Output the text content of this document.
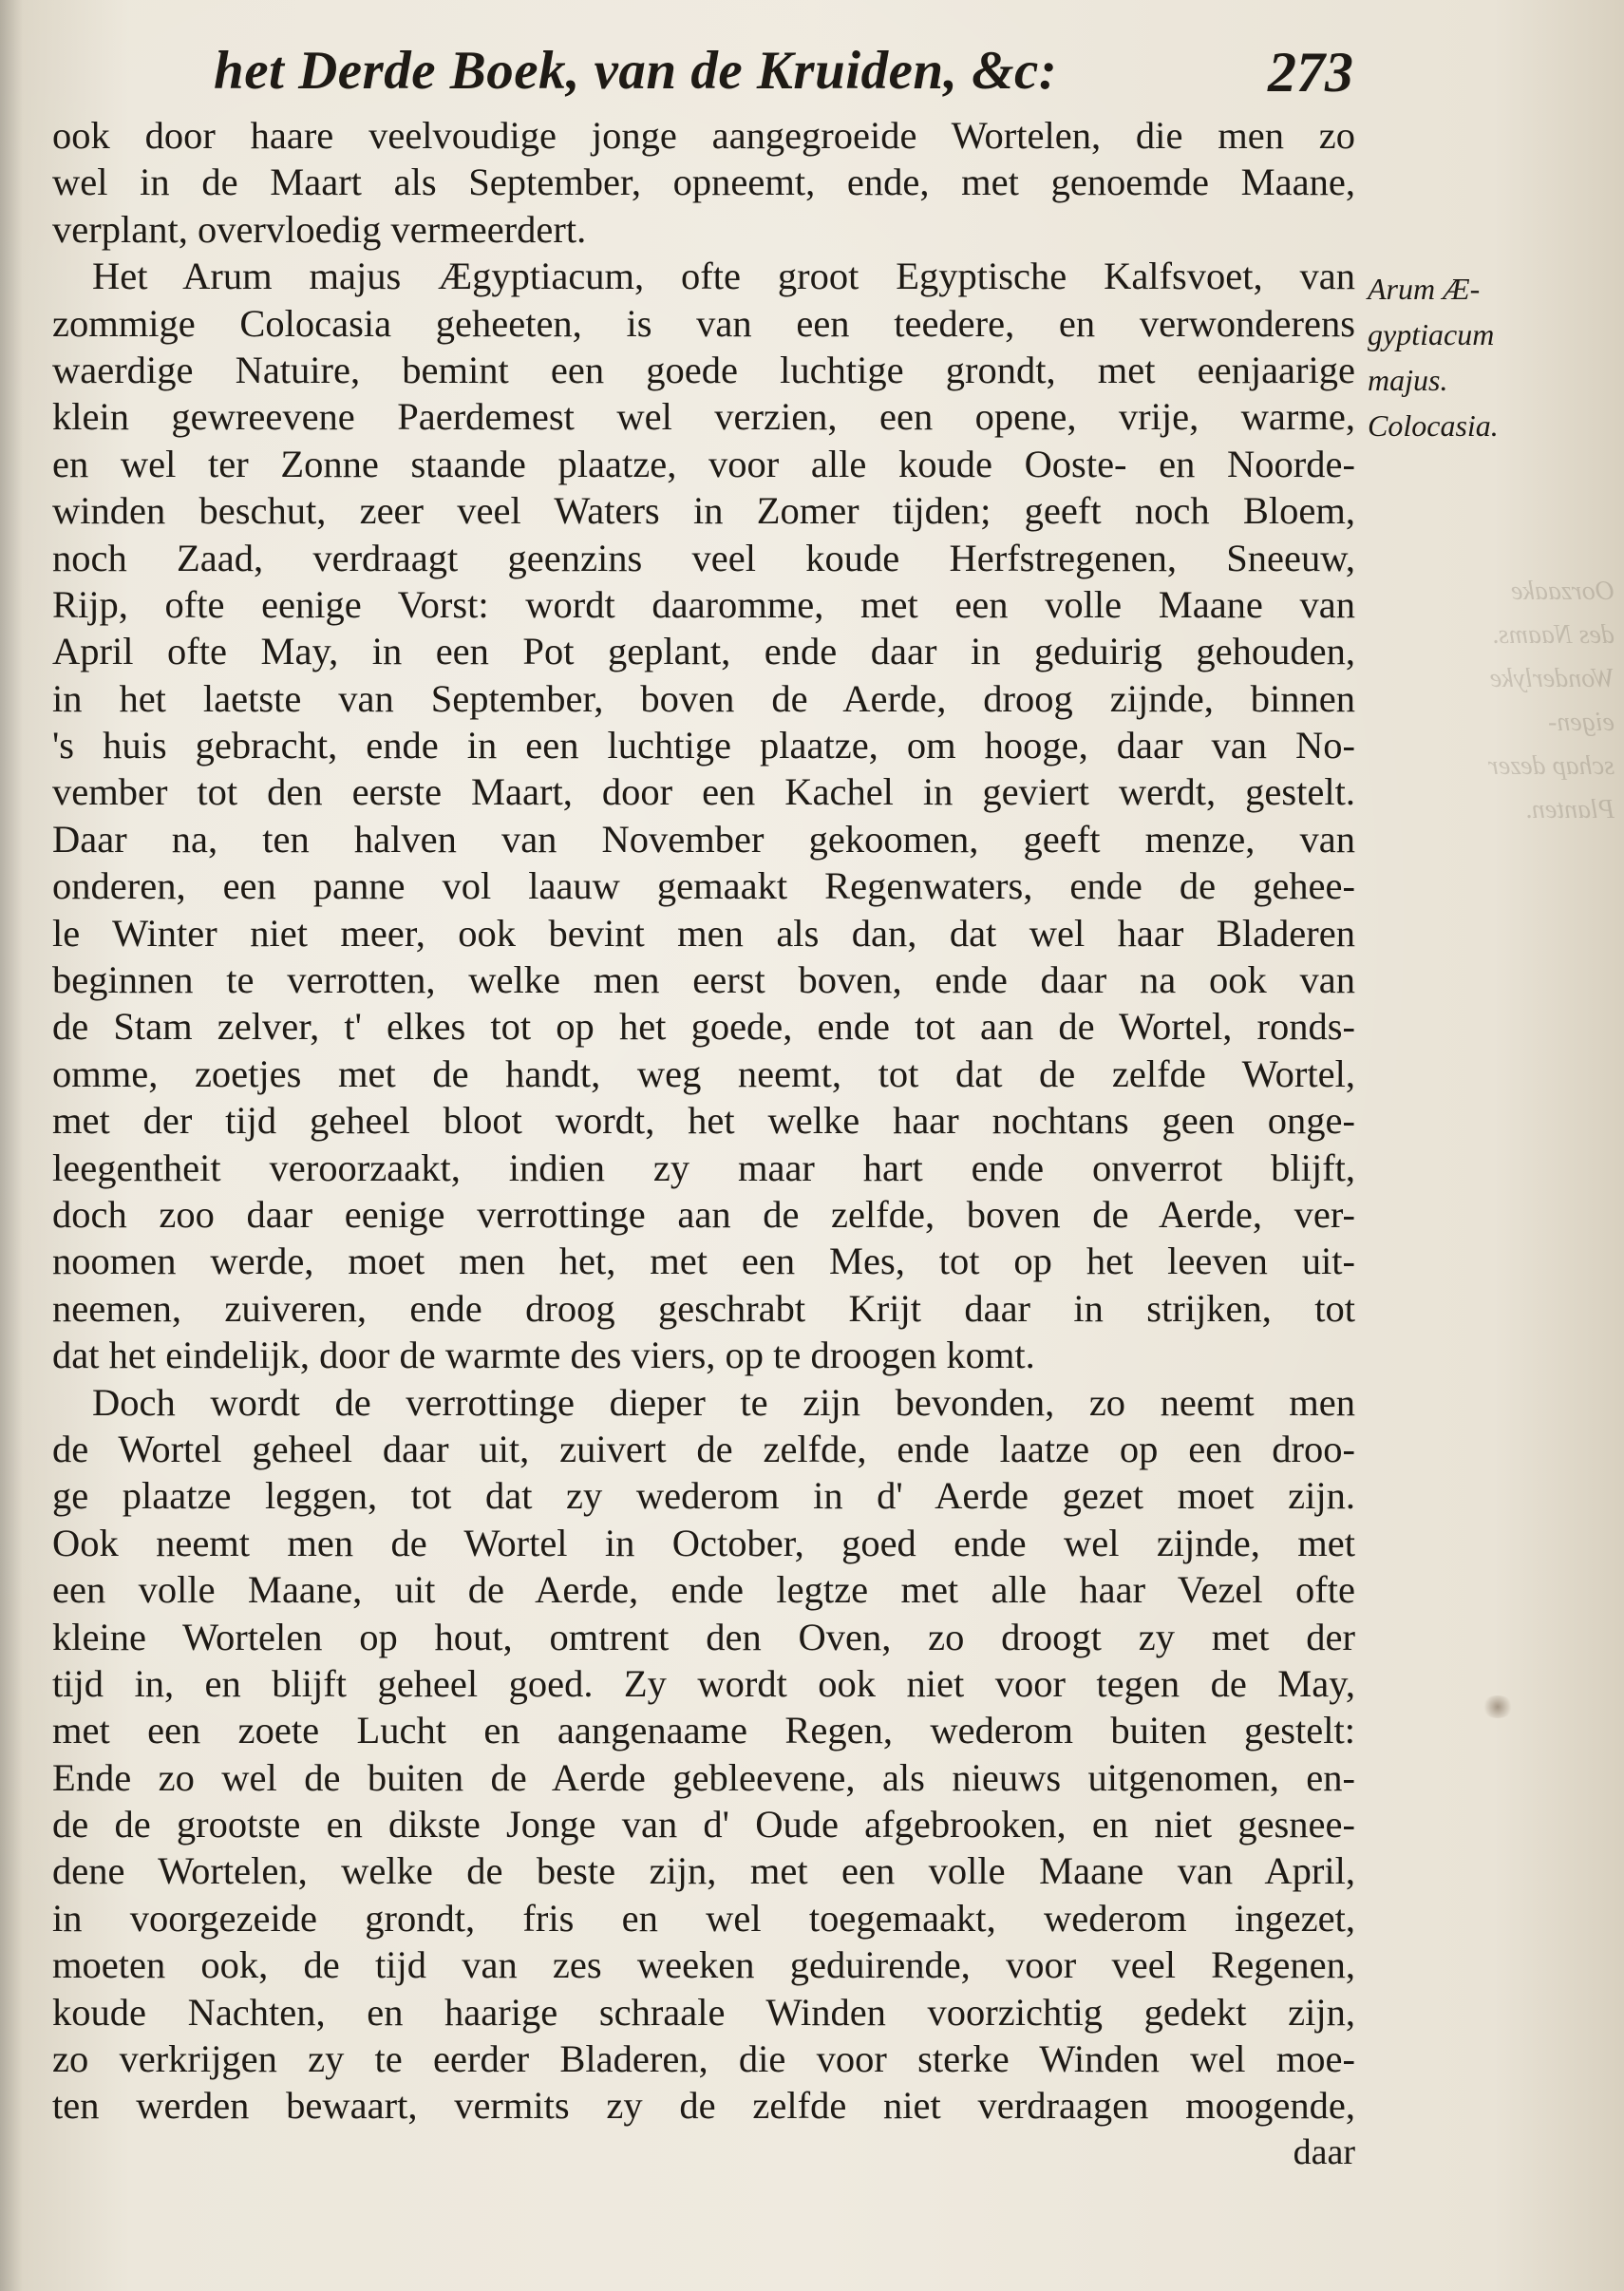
het Derde Boek, van de Kruiden, &c:	273
ook door haare veelvoudige jonge aangegroeide Wortelen, die men zo
wel in de Maart als September, opneemt, ende, met genoemde Maane,
verplant, overvloedig vermeerdert.
Het Arum majus Ægyptiacum, ofte groot Egyptische Kalfsvoet, van
zommige Colocasia geheeten, is van een teedere, en verwonderens
waerdige Natuire, bemint een goede luchtige grondt, met eenjaarige
klein gewreevene Paerdemest wel verzien, een opene, vrije, warme,
en wel ter Zonne staande plaatze, voor alle koude Ooste- en Noorde-
winden beschut, zeer veel Waters in Zomer tijden; geeft noch Bloem,
noch Zaad, verdraagt geenzins veel koude Herfstregenen, Sneeuw,
Rijp, ofte eenige Vorst: wordt daaromme, met een volle Maane van
April ofte May, in een Pot geplant, ende daar in geduirig gehouden,
in het laetste van September, boven de Aerde, droog zijnde, binnen
's huis gebracht, ende in een luchtige plaatze, om hooge, daar van No-
vember tot den eerste Maart, door een Kachel in geviert werdt, gestelt.
Daar na, ten halven van November gekoomen, geeft menze, van
onderen, een panne vol laauw gemaakt Regenwaters, ende de gehee-
le Winter niet meer, ook bevint men als dan, dat wel haar Bladeren
beginnen te verrotten, welke men eerst boven, ende daar na ook van
de Stam zelver, t' elkes tot op het goede, ende tot aan de Wortel, ronds-
omme, zoetjes met de handt, weg neemt, tot dat de zelfde Wortel,
met der tijd geheel bloot wordt, het welke haar nochtans geen onge-
leegentheit veroorzaakt, indien zy maar hart ende onverrot blijft,
doch zoo daar eenige verrottinge aan de zelfde, boven de Aerde, ver-
noomen werde, moet men het, met een Mes, tot op het leeven uit-
neemen, zuiveren, ende droog geschrabt Krijt daar in strijken, tot
dat het eindelijk, door de warmte des viers, op te droogen komt.
Doch wordt de verrottinge dieper te zijn bevonden, zo neemt men
de Wortel geheel daar uit, zuivert de zelfde, ende laatze op een droo-
ge plaatze leggen, tot dat zy wederom in d' Aerde gezet moet zijn.
Ook neemt men de Wortel in October, goed ende wel zijnde, met
een volle Maane, uit de Aerde, ende legtze met alle haar Vezel ofte
kleine Wortelen op hout, omtrent den Oven, zo droogt zy met der
tijd in, en blijft geheel goed. Zy wordt ook niet voor tegen de May,
met een zoete Lucht en aangenaame Regen, wederom buiten gestelt:
Ende zo wel de buiten de Aerde gebleevene, als nieuws uitgenomen, en-
de de grootste en dikste Jonge van d' Oude afgebrooken, en niet gesnee-
dene Wortelen, welke de beste zijn, met een volle Maane van April,
in voorgezeide grondt, fris en wel toegemaakt, wederom ingezet,
moeten ook, de tijd van zes weeken geduirende, voor veel Regenen,
koude Nachten, en haarige schraale Winden voorzichtig gedekt zijn,
zo verkrijgen zy te eerder Bladeren, die voor sterke Winden wel moe-
ten werden bewaart, vermits zy de zelfde niet verdraagen moogende,
daar
Arum Æ-
gyptiacum
majus.
Colocasia.
Oorzaake
des Naams.
Wonderlyke
eigen-
schap dezer
Planten.
